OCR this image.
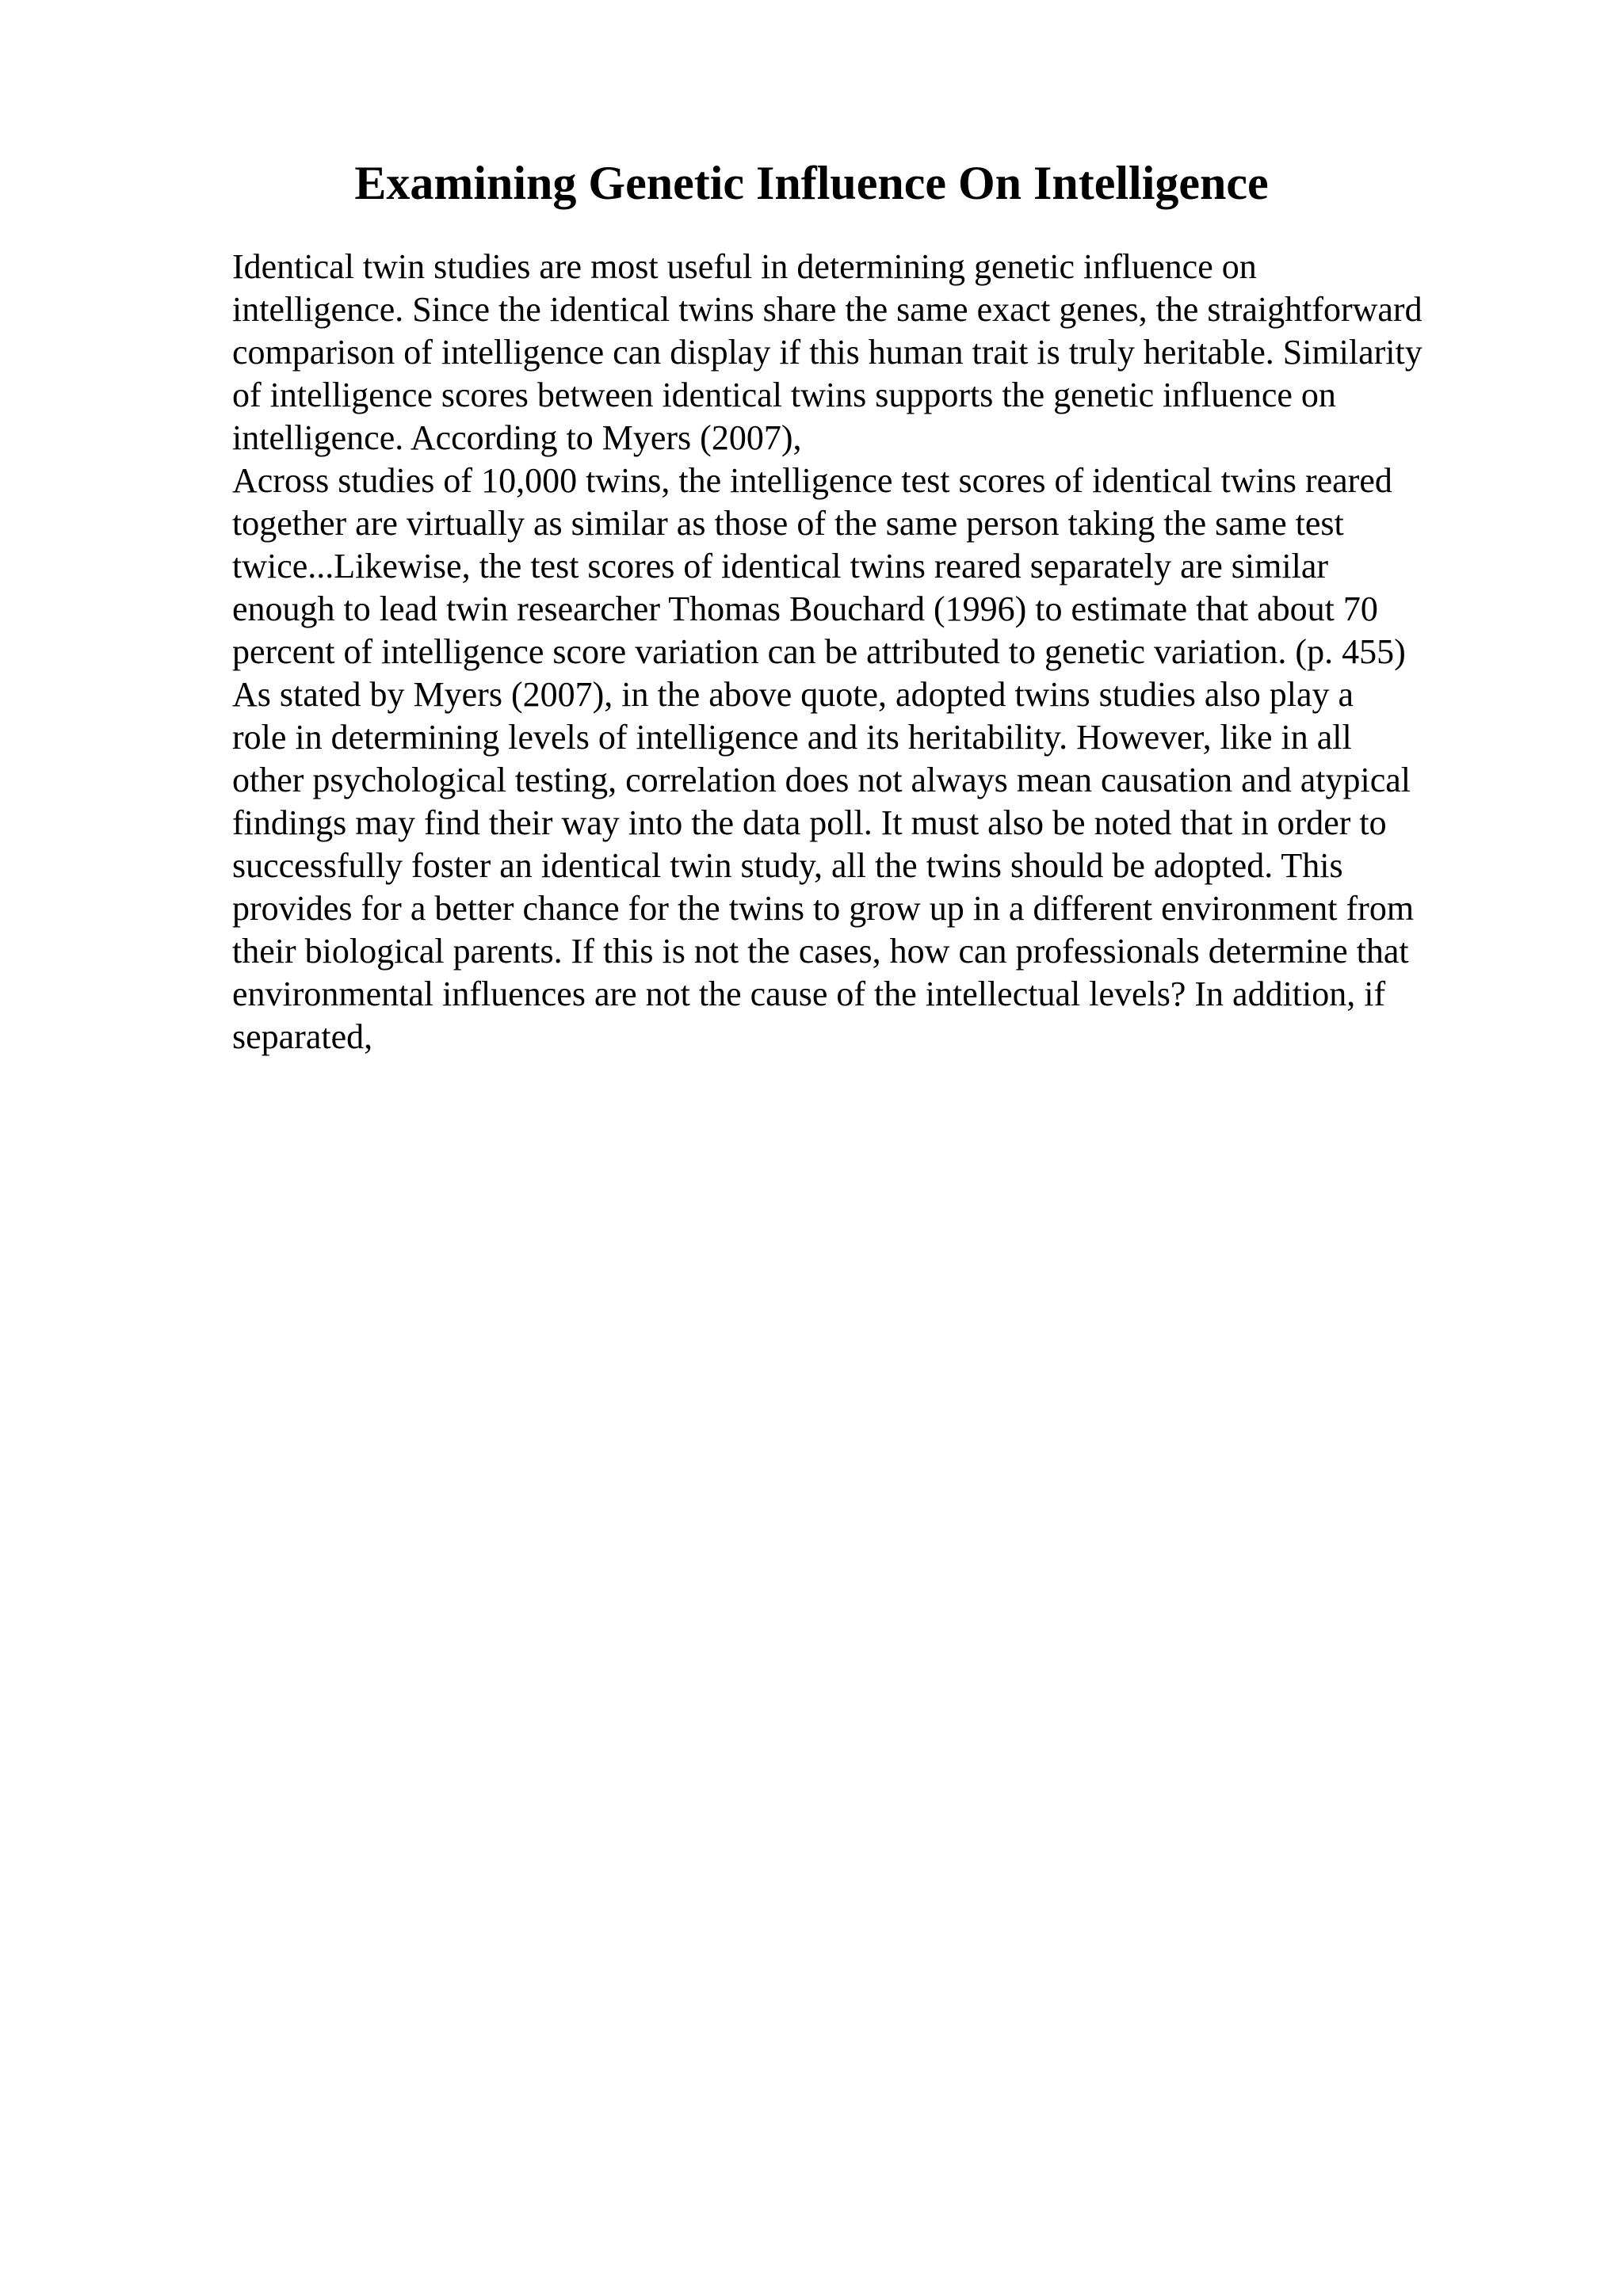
Examining Genetic Influence On Intelligence
Identical twin studies are most useful in determining genetic influence on
intelligence. Since the identical twins share the same exact genes, the straightforward
comparison of intelligence can display if this human trait is truly heritable. Similarity
of intelligence scores between identical twins supports the genetic influence on
intelligence. According to Myers (2007),
Across studies of 10,000 twins, the intelligence test scores of identical twins reared
together are virtually as similar as those of the same person taking the same test
twice...Likewise, the test scores of identical twins reared separately are similar
enough to lead twin researcher Thomas Bouchard (1996) to estimate that about 70
percent of intelligence score variation can be attributed to genetic variation. (p. 455)
As stated by Myers (2007), in the above quote, adopted twins studies also play a
role in determining levels of intelligence and its heritability. However, like in all
other psychological testing, correlation does not always mean causation and atypical
findings may find their way into the data poll. It must also be noted that in order to
successfully foster an identical twin study, all the twins should be adopted. This
provides for a better chance for the twins to grow up in a different environment from
their biological parents. If this is not the cases, how can professionals determine that
environmental influences are not the cause of the intellectual levels? In addition, if
separated,
